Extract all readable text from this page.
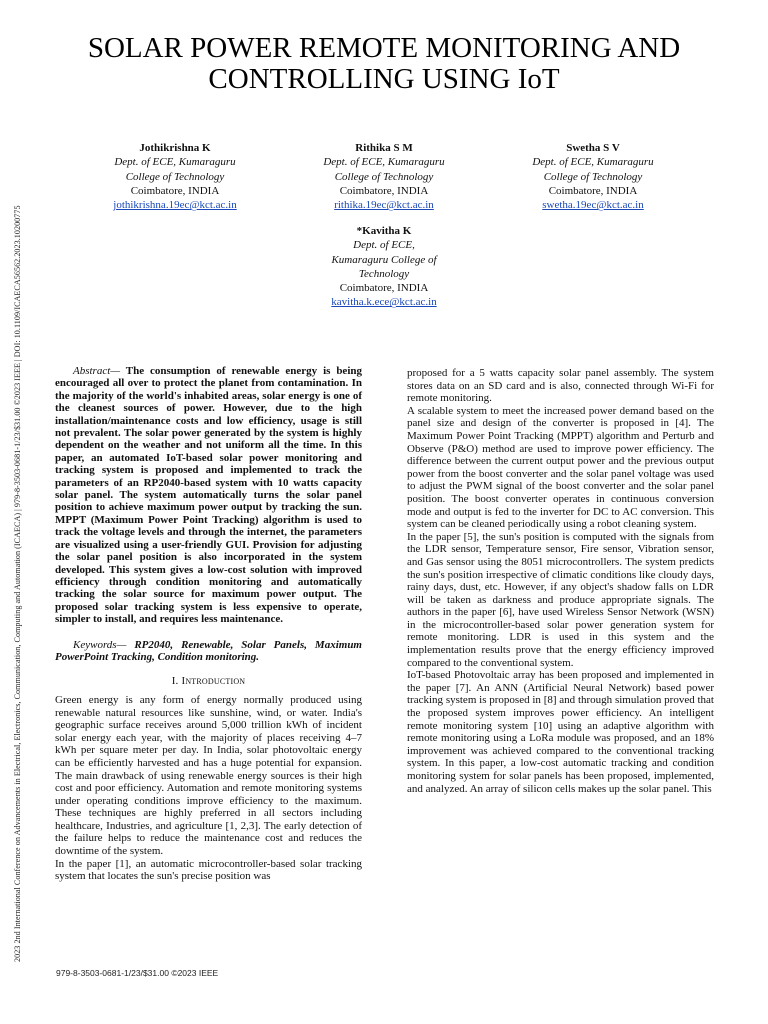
2023 2nd International Conference on Advancements in Electrical, Electronics, Communication, Computing and Automation (ICAECA) | 979-8-3503-0681-1/23/$31.00 ©2023 IEEE | DOI: 10.1109/ICAECA56562.2023.10200775
SOLAR POWER REMOTE MONITORING AND
CONTROLLING USING IoT
Jothikrishna K
Dept. of ECE, Kumaraguru
College of Technology
Coimbatore, INDIA
jothikrishna.19ec@kct.ac.in
Rithika S M
Dept. of ECE, Kumaraguru
College of Technology
Coimbatore, INDIA
rithika.19ec@kct.ac.in
Swetha S V
Dept. of ECE, Kumaraguru
College of Technology
Coimbatore, INDIA
swetha.19ec@kct.ac.in
*Kavitha K
Dept. of ECE,
Kumaraguru College of
Technology
Coimbatore, INDIA
kavitha.k.ece@kct.ac.in

Abstract— The consumption of renewable energy is being encouraged all over to protect the planet from contamination. In the majority of the world's inhabited areas, solar energy is one of the cleanest sources of power. However, due to the high installation/maintenance costs and low efficiency, usage is still not prevalent. The solar power generated by the system is highly dependent on the weather and not uniform all the time. In this paper, an automated IoT-based solar power monitoring and tracking system is proposed and implemented to track the parameters of an RP2040-based system with 10 watts capacity solar panel. The system automatically turns the solar panel position to achieve maximum power output by tracking the sun. MPPT (Maximum Power Point Tracking) algorithm is used to track the voltage levels and through the internet, the parameters are visualized using a user-friendly GUI. Provision for adjusting the solar panel position is also incorporated in the system developed. This system gives a low-cost solution with improved efficiency through condition monitoring and automatically tracking the solar source for maximum power output. The proposed solar tracking system is less expensive to operate, simpler to install, and requires less maintenance.

Keywords— RP2040, Renewable, Solar Panels, Maximum PowerPoint Tracking, Condition monitoring.

I. Introduction

Green energy is any form of energy normally produced using renewable natural resources like sunshine, wind, or water. India's geographic surface receives around 5,000 trillion kWh of incident solar energy each year, with the majority of places receiving 4–7 kWh per square meter per day. In India, solar photovoltaic energy can be efficiently harvested and has a huge potential for expansion. The main drawback of using renewable energy sources is their high cost and poor efficiency. Automation and remote monitoring systems under operating conditions improve efficiency to the maximum. These techniques are highly preferred in all sectors including healthcare, Industries, and agriculture [1, 2,3]. The early detection of the failure helps to reduce the maintenance cost and reduces the downtime of the system.

In the paper [1], an automatic microcontroller-based solar tracking system that locates the sun's precise position was

proposed for a 5 watts capacity solar panel assembly. The system stores data on an SD card and is also, connected through Wi-Fi for remote monitoring.

A scalable system to meet the increased power demand based on the panel size and design of the converter is proposed in [4]. The Maximum Power Point Tracking (MPPT) algorithm and Perturb and Observe (P&O) method are used to improve power efficiency. The difference between the current output power and the previous output power from the boost converter and the solar panel voltage was used to adjust the PWM signal of the boost converter and the solar panel position. The boost converter operates in continuous conversion mode and output is fed to the inverter for DC to AC conversion. This system can be cleaned periodically using a robot cleaning system.

In the paper [5], the sun's position is computed with the signals from the LDR sensor, Temperature sensor, Fire sensor, Vibration sensor, and Gas sensor using the 8051 microcontrollers. The system predicts the sun's position irrespective of climatic conditions like cloudy days, rainy days, dust, etc. However, if any object's shadow falls on LDR will be taken as darkness and produce appropriate signals. The authors in the paper [6], have used Wireless Sensor Network (WSN) in the microcontroller-based solar power generation system for remote monitoring. LDR is used in this system and the implementation results prove that the energy efficiency improved compared to the conventional system.

IoT-based Photovoltaic array has been proposed and implemented in the paper [7]. An ANN (Artificial Neural Network) based power tracking system is proposed in [8] and through simulation proved that the proposed system improves power efficiency. An intelligent remote monitoring system [10] using an adaptive algorithm with remote monitoring using a LoRa module was proposed, and an 18% improvement was achieved compared to the conventional tracking system. In this paper, a low-cost automatic tracking and condition monitoring system for solar panels has been proposed, implemented, and analyzed. An array of silicon cells makes up the solar panel. This

979-8-3503-0681-1/23/$31.00 ©2023 IEEE
